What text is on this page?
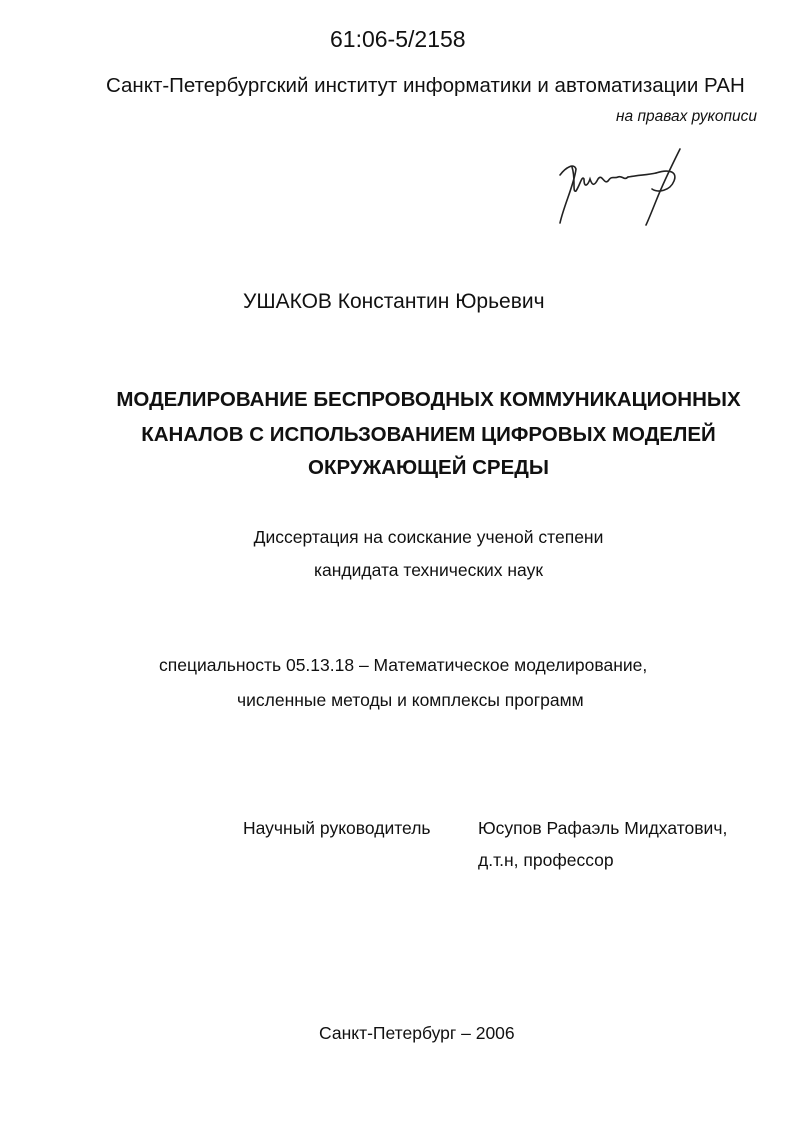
61:06-5/2158
Санкт-Петербургский институт информатики и автоматизации РАН
на правах рукописи
УШАКОВ Константин Юрьевич
МОДЕЛИРОВАНИЕ БЕСПРОВОДНЫХ КОММУНИКАЦИОННЫХ
КАНАЛОВ С ИСПОЛЬЗОВАНИЕМ ЦИФРОВЫХ МОДЕЛЕЙ
ОКРУЖАЮЩЕЙ СРЕДЫ
Диссертация на соискание ученой степени
кандидата технических наук
специальность 05.13.18 – Математическое моделирование,
численные методы и комплексы программ
Научный руководитель	Юсупов Рафаэль Мидхатович,
д.т.н, профессор
Санкт-Петербург – 2006
